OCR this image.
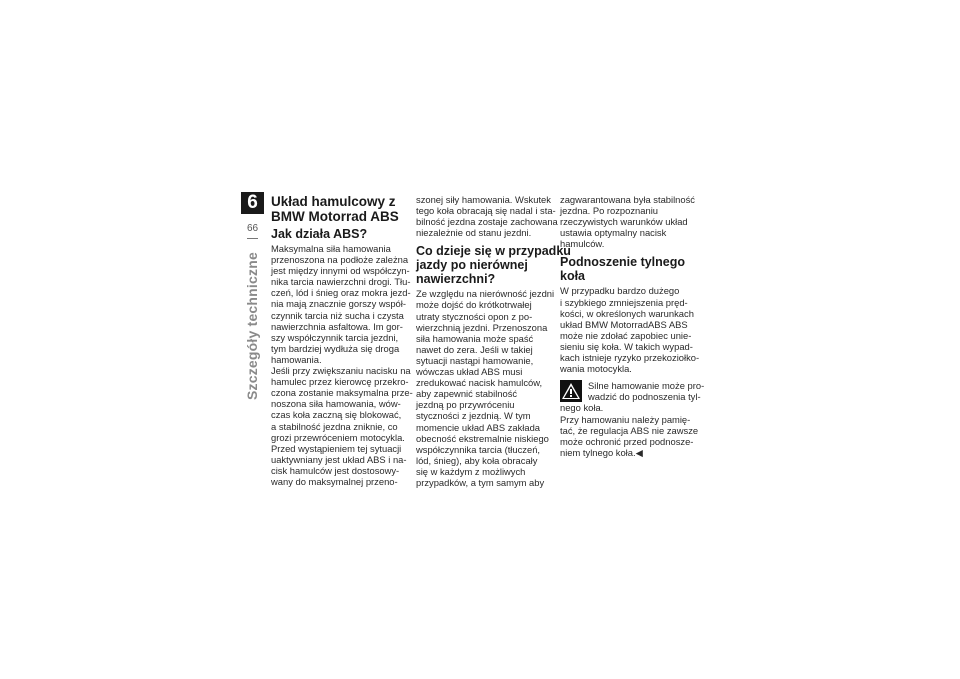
6
66
Szczegóły techniczne
Układ hamulcowy z
BMW Motorrad ABS
Jak działa ABS?

Maksymalna siła hamowania
przenoszona na podłoże zależna
jest między innymi od współczyn-
nika tarcia nawierzchni drogi. Tłu-
czeń, lód i śnieg oraz mokra jezd-
nia mają znacznie gorszy współ-
czynnik tarcia niż sucha i czysta
nawierzchnia asfaltowa. Im gor-
szy współczynnik tarcia jezdni,
tym bardziej wydłuża się droga
hamowania.

Jeśli przy zwiększaniu nacisku na
hamulec przez kierowcę przekro-
czona zostanie maksymalna prze-
noszona siła hamowania, wów-
czas koła zaczną się blokować,
a stabilność jezdna zniknie, co
grozi przewróceniem motocykla.
Przed wystąpieniem tej sytuacji
uaktywniany jest układ ABS i na-
cisk hamulców jest dostosowy-
wany do maksymalnej przeno-

szonej siły hamowania. Wskutek
tego koła obracają się nadal i sta-
bilność jezdna zostaje zachowana
niezależnie od stanu jezdni.

Co dzieje się w przypadku
jazdy po nierównej
nawierzchni?

Ze względu na nierówność jezdni
może dojść do krótkotrwałej
utraty styczności opon z po-
wierzchnią jezdni. Przenoszona
siła hamowania może spaść
nawet do zera. Jeśli w takiej
sytuacji nastąpi hamowanie,
wówczas układ ABS musi
zredukować nacisk hamulców,
aby zapewnić stabilność
jezdną po przywróceniu
styczności z jezdnią. W tym
momencie układ ABS zakłada
obecność ekstremalnie niskiego
współczynnika tarcia (tłuczeń,
lód, śnieg), aby koła obracały
się w każdym z możliwych
przypadków, a tym samym aby

zagwarantowana była stabilność
jezdna. Po rozpoznaniu
rzeczywistych warunków układ
ustawia optymalny nacisk
hamulców.

Podnoszenie tylnego koła

W przypadku bardzo dużego
i szybkiego zmniejszenia pręd-
kości, w określonych warunkach
układ BMW MotorradABS ABS
może nie zdołać zapobiec unie-
sieniu się koła. W takich wypad-
kach istnieje ryzyko przekoziołko-
wania motocykla.

Silne hamowanie może pro-
wadzić do podnoszenia tyl-

nego koła.

Przy hamowaniu należy pamię-
tać, że regulacja ABS nie zawsze
może ochronić przed podnosze-
niem tylnego koła.◀
